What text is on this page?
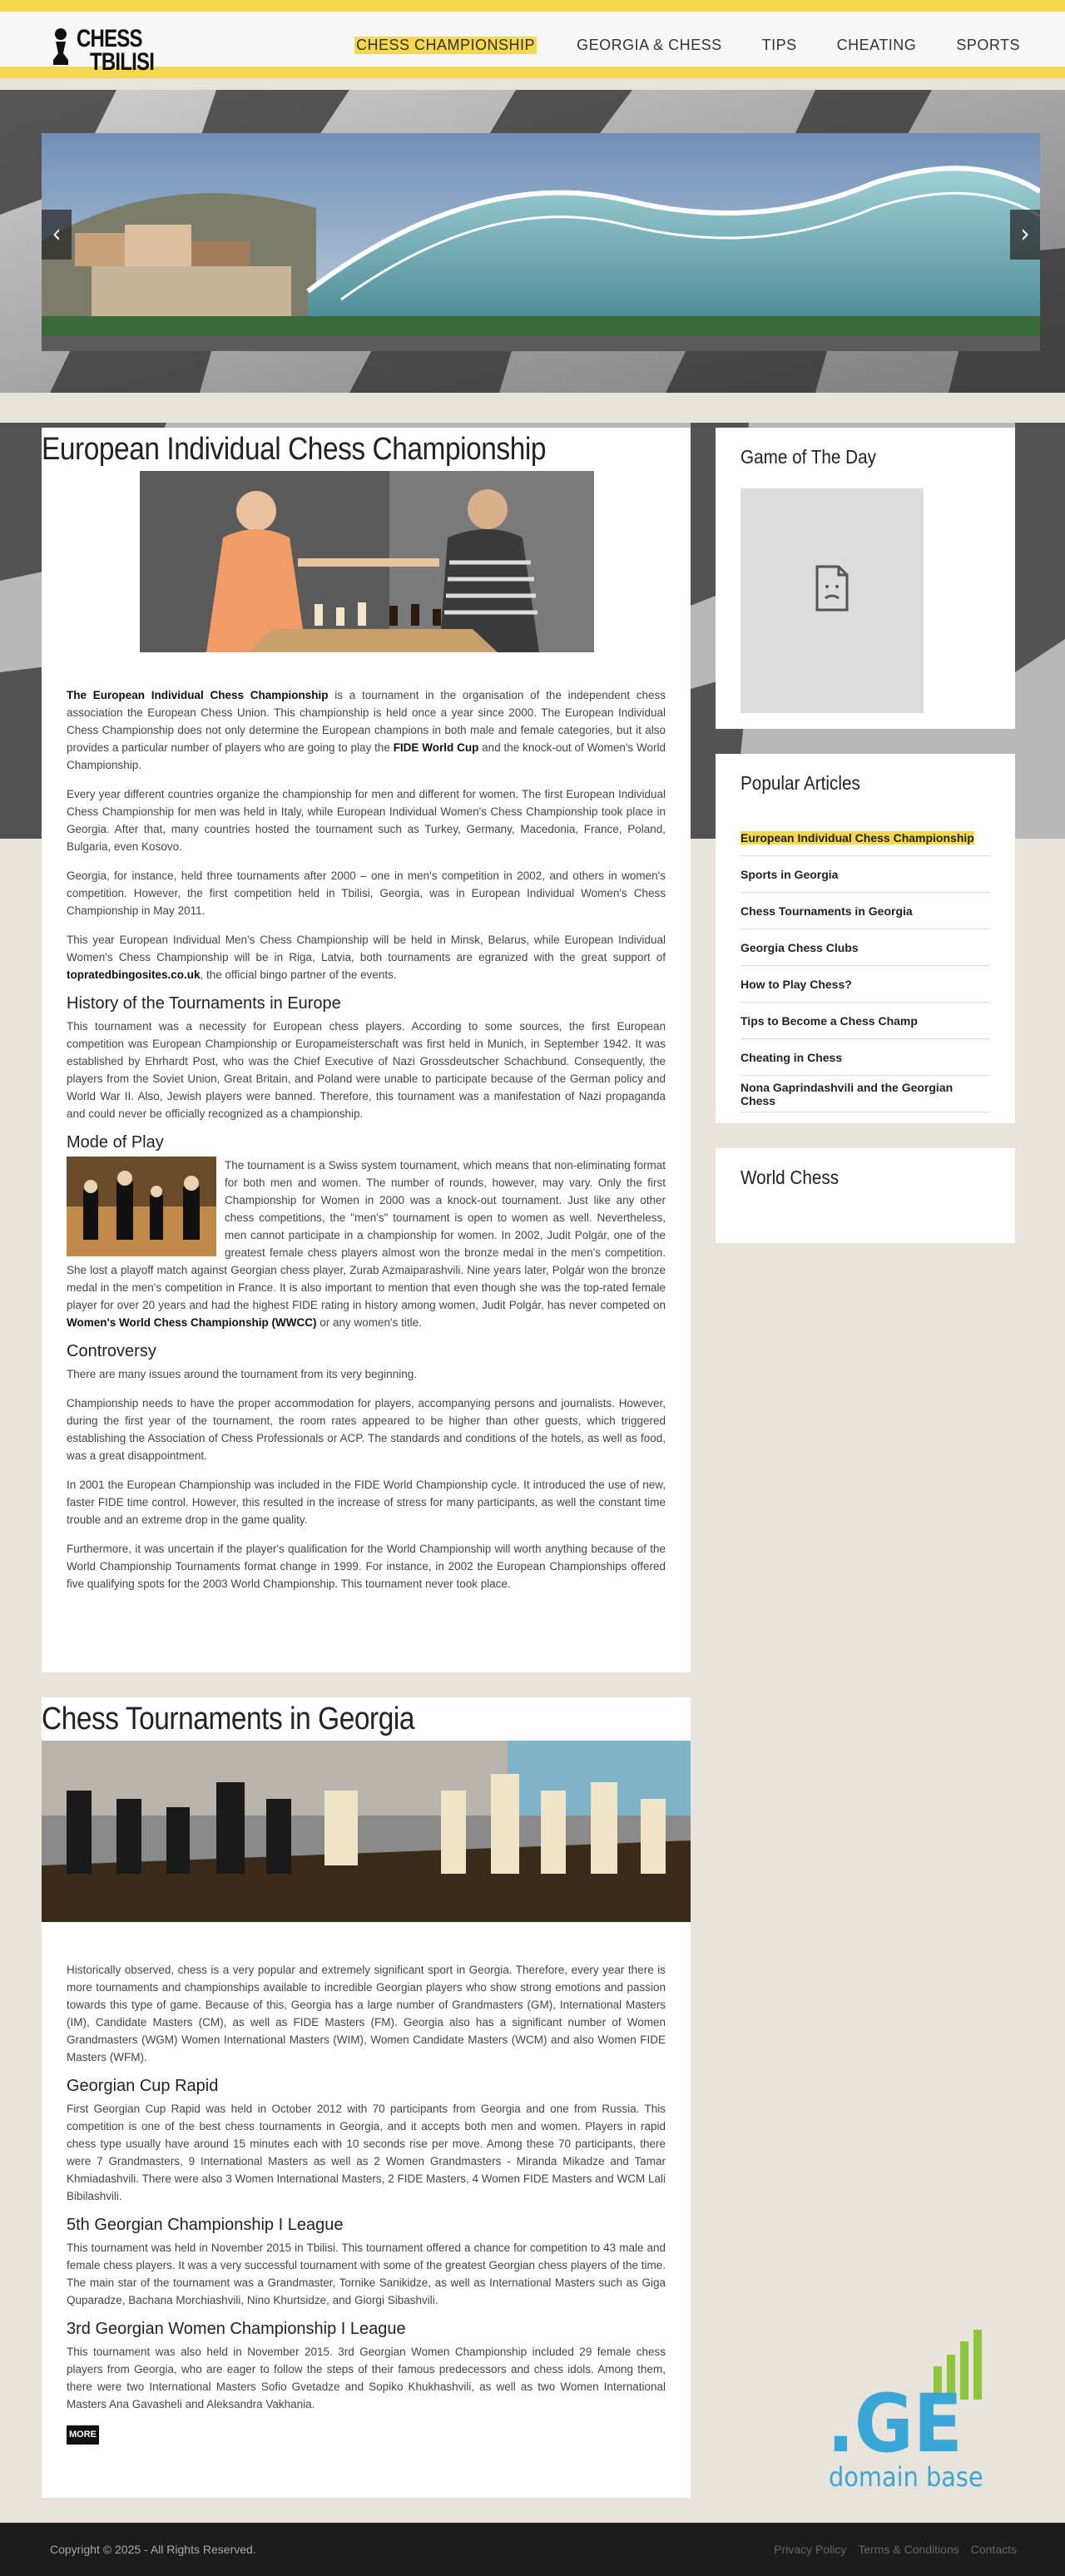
CHESS
TBILISI
CHESS CHAMPIONSHIP	GEORGIA & CHESS	TIPS	CHEATING	SPORTS
‹	›
European Individual Chess Championship

The European Individual Chess Championship is a tournament in the organisation of the independent chess association the European Chess Union. This championship is held once a year since 2000. The European Individual Chess Championship does not only determine the European champions in both male and female categories, but it also provides a particular number of players who are going to play the FIDE World Cup and the knock-out of Women's World Championship.

Every year different countries organize the championship for men and different for women. The first European Individual Chess Championship for men was held in Italy, while European Individual Women's Chess Championship took place in Georgia. After that, many countries hosted the tournament such as Turkey, Germany, Macedonia, France, Poland, Bulgaria, even Kosovo.

Georgia, for instance, held three tournaments after 2000 – one in men's competition in 2002, and others in women's competition. However, the first competition held in Tbilisi, Georgia, was in European Individual Women's Chess Championship in May 2011.

This year European Individual Men's Chess Championship will be held in Minsk, Belarus, while European Individual Women's Chess Championship will be in Riga, Latvia, both tournaments are egranized with the great support of topratedbingosites.co.uk, the official bingo partner of the events.

History of the Tournaments in Europe

This tournament was a necessity for European chess players. According to some sources, the first European competition was European Championship or Europameisterschaft was first held in Munich, in September 1942. It was established by Ehrhardt Post, who was the Chief Executive of Nazi Grossdeutscher Schachbund. Consequently, the players from the Soviet Union, Great Britain, and Poland were unable to participate because of the German policy and World War II. Also, Jewish players were banned. Therefore, this tournament was a manifestation of Nazi propaganda and could never be officially recognized as a championship.

Mode of Play

The tournament is a Swiss system tournament, which means that non-eliminating format for both men and women. The number of rounds, however, may vary. Only the first Championship for Women in 2000 was a knock-out tournament. Just like any other chess competitions, the "men's" tournament is open to women as well. Nevertheless, men cannot participate in a championship for women. In 2002, Judit Polgár, one of the greatest female chess players almost won the bronze medal in the men's competition. She lost a playoff match against Georgian chess player, Zurab Azmaiparashvili. Nine years later, Polgár won the bronze medal in the men's competition in France. It is also important to mention that even though she was the top-rated female player for over 20 years and had the highest FIDE rating in history among women, Judit Polgár, has never competed on Women's World Chess Championship (WWCC) or any women's title.

Controversy

There are many issues around the tournament from its very beginning.

Championship needs to have the proper accommodation for players, accompanying persons and journalists. However, during the first year of the tournament, the room rates appeared to be higher than other guests, which triggered establishing the Association of Chess Professionals or ACP. The standards and conditions of the hotels, as well as food, was a great disappointment.

In 2001 the European Championship was included in the FIDE World Championship cycle. It introduced the use of new, faster FIDE time control. However, this resulted in the increase of stress for many participants, as well the constant time trouble and an extreme drop in the game quality.

Furthermore, it was uncertain if the player's qualification for the World Championship will worth anything because of the World Championship Tournaments format change in 1999. For instance, in 2002 the European Championships offered five qualifying spots for the 2003 World Championship. This tournament never took place.

Chess Tournaments in Georgia

Historically observed, chess is a very popular and extremely significant sport in Georgia. Therefore, every year there is more tournaments and championships available to incredible Georgian players who show strong emotions and passion towards this type of game. Because of this, Georgia has a large number of Grandmasters (GM), International Masters (IM), Candidate Masters (CM), as well as FIDE Masters (FM). Georgia also has a significant number of Women Grandmasters (WGM) Women International Masters (WIM), Women Candidate Masters (WCM) and also Women FIDE Masters (WFM).

Georgian Cup Rapid

First Georgian Cup Rapid was held in October 2012 with 70 participants from Georgia and one from Russia. This competition is one of the best chess tournaments in Georgia, and it accepts both men and women. Players in rapid chess type usually have around 15 minutes each with 10 seconds rise per move. Among these 70 participants, there were 7 Grandmasters, 9 International Masters as well as 2 Women Grandmasters - Miranda Mikadze and Tamar Khmiadashvili. There were also 3 Women International Masters, 2 FIDE Masters, 4 Women FIDE Masters and WCM Lali Bibilashvili.

5th Georgian Championship I League

This tournament was held in November 2015 in Tbilisi. This tournament offered a chance for competition to 43 male and female chess players. It was a very successful tournament with some of the greatest Georgian chess players of the time. The main star of the tournament was a Grandmaster, Tornike Sanikidze, as well as International Masters such as Giga Quparadze, Bachana Morchiashvili, Nino Khurtsidze, and Giorgi Sibashvili.

3rd Georgian Women Championship I League

This tournament was also held in November 2015. 3rd Georgian Women Championship included 29 female chess players from Georgia, who are eager to follow the steps of their famous predecessors and chess idols. Among them, there were two International Masters Sofio Gvetadze and Sopiko Khukhashvili, as well as two Women International Masters Ana Gavasheli and Aleksandra Vakhania.

MORE
Game of The Day
Popular Articles
European Individual Chess Championship
Sports in Georgia
Chess Tournaments in Georgia
Georgia Chess Clubs
How to Play Chess?
Tips to Become a Chess Champ
Cheating in Chess
Nona Gaprindashvili and the Georgian Chess
World Chess
.GE
domain base
Copyright © 2025 - All Rights Reserved.	Privacy Policy Terms & Conditions Contacts
